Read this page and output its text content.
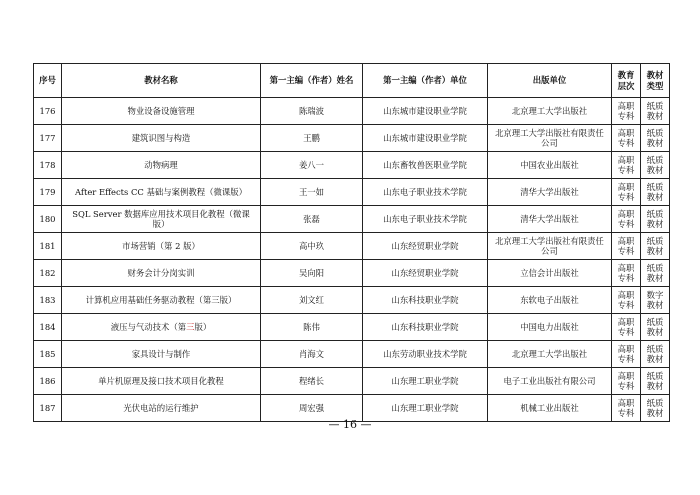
序号	教材名称	第一主编（作者）姓名	第一主编（作者）单位	出版单位	教育层次	教材类型
176	物业设备设施管理	陈瑞波	山东城市建设职业学院	北京理工大学出版社	高职专科	纸质教材
177	建筑识图与构造	王鹏	山东城市建设职业学院	北京理工大学出版社有限责任公司	高职专科	纸质教材
178	动物病理	姜八一	山东畜牧兽医职业学院	中国农业出版社	高职专科	纸质教材
179	After Effects CC 基础与案例教程（微课版）	王一如	山东电子职业技术学院	清华大学出版社	高职专科	纸质教材
180	SQL Server 数据库应用技术项目化教程（微课版）	张磊	山东电子职业技术学院	清华大学出版社	高职专科	纸质教材
181	市场营销（第 2 版）	高中玖	山东经贸职业学院	北京理工大学出版社有限责任公司	高职专科	纸质教材
182	财务会计分岗实训	吴向阳	山东经贸职业学院	立信会计出版社	高职专科	纸质教材
183	计算机应用基础任务驱动教程（第三版）	刘文红	山东科技职业学院	东软电子出版社	高职专科	数字教材
184	液压与气动技术（第三版）	陈伟	山东科技职业学院	中国电力出版社	高职专科	纸质教材
185	家具设计与制作	肖海文	山东劳动职业技术学院	北京理工大学出版社	高职专科	纸质教材
186	单片机原理及接口技术项目化教程	程绪长	山东理工职业学院	电子工业出版社有限公司	高职专科	纸质教材
187	光伏电站的运行维护	周宏强	山东理工职业学院	机械工业出版社	高职专科	纸质教材
— 16 —
